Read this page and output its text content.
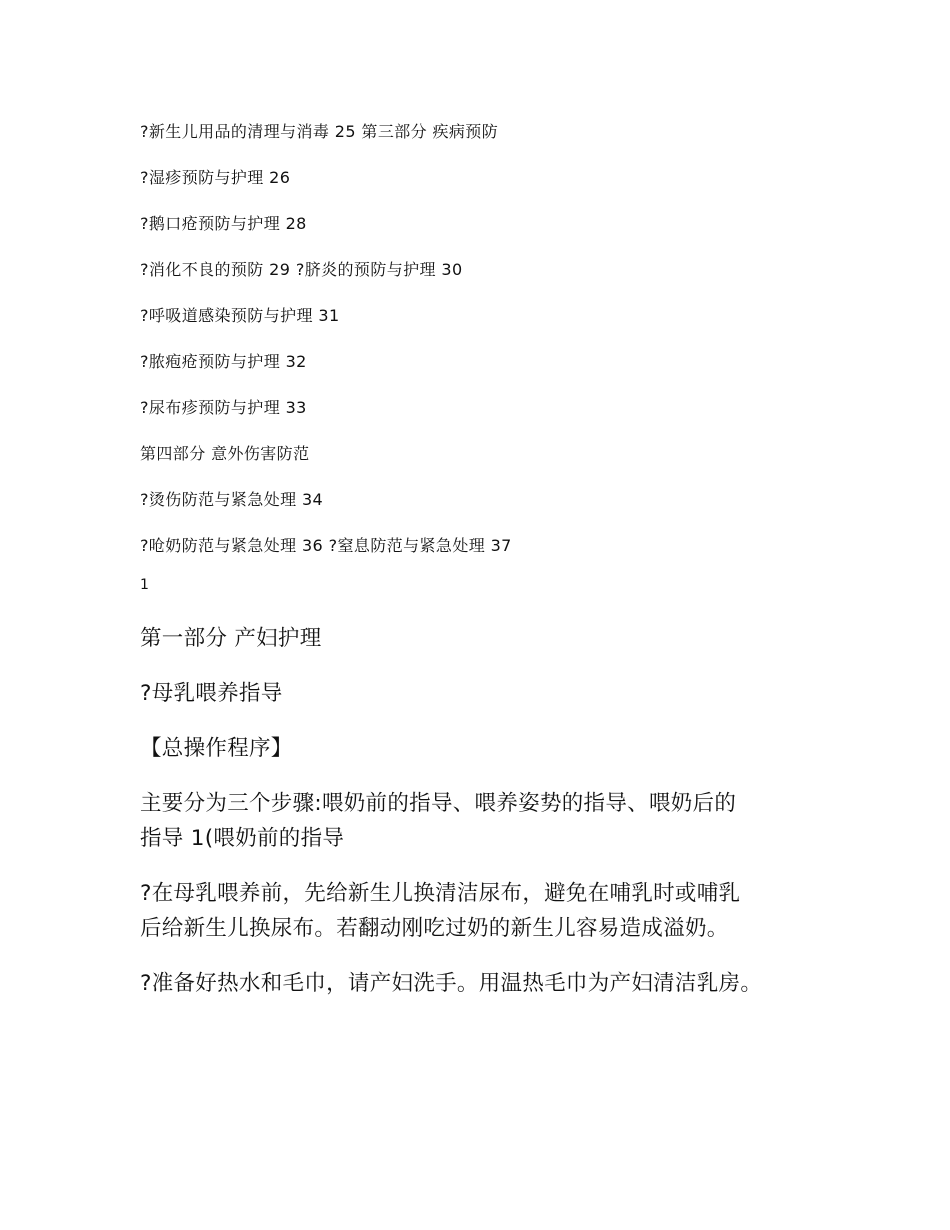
?新生儿用品的清理与消毒 25 第三部分 疾病预防

?湿疹预防与护理 26

?鹅口疮预防与护理 28

?消化不良的预防 29 ?脐炎的预防与护理 30

?呼吸道感染预防与护理 31

?脓疱疮预防与护理 32

?尿布疹预防与护理 33

第四部分 意外伤害防范

?烫伤防范与紧急处理 34

?呛奶防范与紧急处理 36 ?窒息防范与紧急处理 37

1

第一部分 产妇护理

?母乳喂养指导

【总操作程序】

主要分为三个步骤:喂奶前的指导、喂养姿势的指导、喂奶后的

指导 1(喂奶前的指导

?在母乳喂养前，先给新生儿换清洁尿布，避免在哺乳时或哺乳

后给新生儿换尿布。若翻动刚吃过奶的新生儿容易造成溢奶。

?准备好热水和毛巾，请产妇洗手。用温热毛巾为产妇清洁乳房。
